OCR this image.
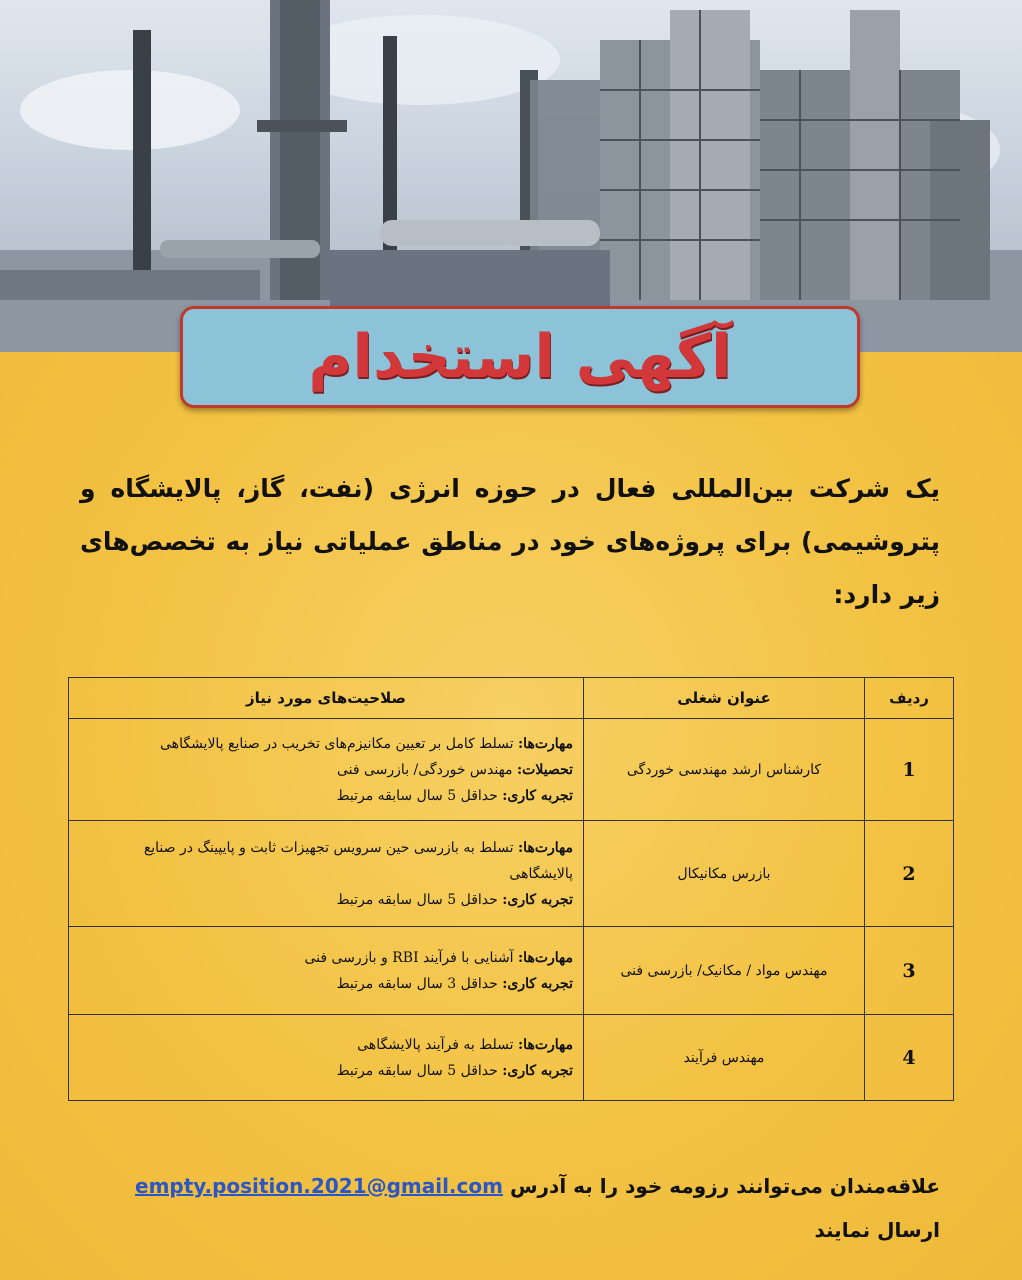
آگهی استخدام
یک شرکت بین‌المللی فعال در حوزه انرژی (نفت، گاز، پالایشگاه و پتروشیمی) برای پروژه‌های خود در مناطق عملیاتی نیاز به تخصص‌های زیر دارد:
ردیف	عنوان شغلی	صلاحیت‌های مورد نیاز
1	کارشناس ارشد مهندسی خوردگی	مهارت‌ها: تسلط کامل بر تعیین مکانیزم‌های تخریب در صنایع پالایشگاهی
تحصیلات: مهندس خوردگی/ بازرسی فنی
تجربه کاری: حداقل 5 سال سابقه مرتبط

2	بازرس مکانیکال	مهارت‌ها: تسلط به بازرسی حین سرویس تجهیزات ثابت و پایپینگ در صنایع پالایشگاهی
تجربه کاری: حداقل 5 سال سابقه مرتبط

3	مهندس مواد / مکانیک/ بازرسی فنی	مهارت‌ها: آشنایی با فرآیند RBI و بازرسی فنی
تجربه کاری: حداقل 3 سال سابقه مرتبط

4	مهندس فرآیند	مهارت‌ها: تسلط به فرآیند پالایشگاهی
تجربه کاری: حداقل 5 سال سابقه مرتبط
علاقه‌مندان می‌توانند رزومه خود را به آدرس empty.position.2021@gmail.com ارسال نمایند
